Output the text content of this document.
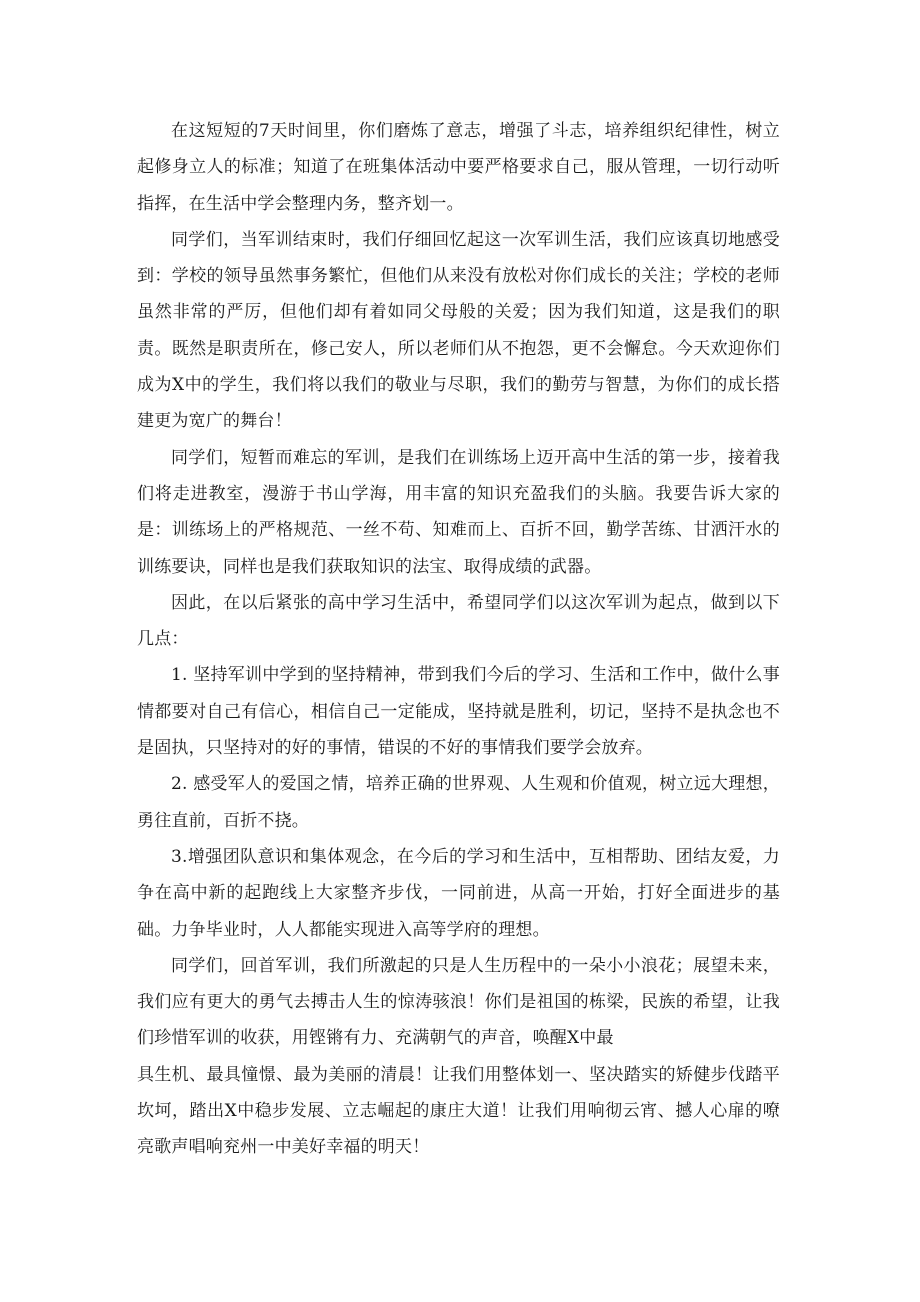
在这短短的7天时间里，你们磨炼了意志，增强了斗志，培养组织纪律性，树立起修身立人的标准；知道了在班集体活动中要严格要求自己，服从管理，一切行动听指挥，在生活中学会整理内务，整齐划一。

同学们，当军训结束时，我们仔细回忆起这一次军训生活，我们应该真切地感受到：学校的领导虽然事务繁忙，但他们从来没有放松对你们成长的关注；学校的老师虽然非常的严厉，但他们却有着如同父母般的关爱；因为我们知道，这是我们的职责。既然是职责所在，修己安人，所以老师们从不抱怨，更不会懈怠。今天欢迎你们成为X中的学生，我们将以我们的敬业与尽职，我们的勤劳与智慧，为你们的成长搭建更为宽广的舞台！

同学们，短暂而难忘的军训，是我们在训练场上迈开高中生活的第一步，接着我们将走进教室，漫游于书山学海，用丰富的知识充盈我们的头脑。我要告诉大家的是：训练场上的严格规范、一丝不苟、知难而上、百折不回，勤学苦练、甘洒汗水的训练要诀，同样也是我们获取知识的法宝、取得成绩的武器。

因此，在以后紧张的高中学习生活中，希望同学们以这次军训为起点，做到以下几点：

1. 坚持军训中学到的坚持精神，带到我们今后的学习、生活和工作中，做什么事情都要对自己有信心，相信自己一定能成，坚持就是胜利，切记，坚持不是执念也不是固执，只坚持对的好的事情，错误的不好的事情我们要学会放弃。

2. 感受军人的爱国之情，培养正确的世界观、人生观和价值观，树立远大理想，勇往直前，百折不挠。

3.增强团队意识和集体观念，在今后的学习和生活中，互相帮助、团结友爱，力争在高中新的起跑线上大家整齐步伐，一同前进，从高一开始，打好全面进步的基础。力争毕业时，人人都能实现进入高等学府的理想。

同学们，回首军训，我们所激起的只是人生历程中的一朵小小浪花；展望未来，我们应有更大的勇气去搏击人生的惊涛骇浪！你们是祖国的栋梁，民族的希望，让我们珍惜军训的收获，用铿锵有力、充满朝气的声音，唤醒X中最

具生机、最具憧憬、最为美丽的清晨！让我们用整体划一、坚决踏实的矫健步伐踏平坎坷，踏出X中稳步发展、立志崛起的康庄大道！让我们用响彻云宵、撼人心扉的嘹亮歌声唱响兖州一中美好幸福的明天！
